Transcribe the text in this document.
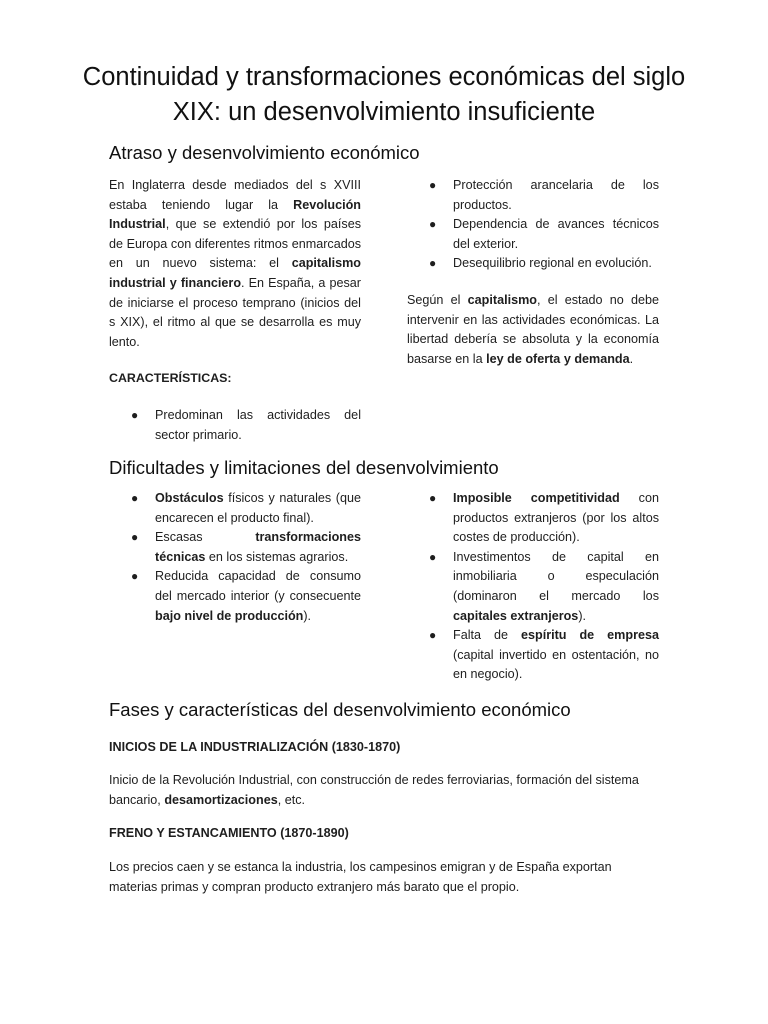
Continuidad y transformaciones económicas del siglo XIX: un desenvolvimiento insuficiente
Atraso y desenvolvimiento económico

En Inglaterra desde mediados del s XVIII estaba teniendo lugar la Revolución Industrial, que se extendió por los países de Europa con diferentes ritmos enmarcados en un nuevo sistema: el capitalismo industrial y financiero. En España, a pesar de iniciarse el proceso temprano (inicios del s XIX), el ritmo al que se desarrolla es muy lento.

CARACTERÍSTICAS:

● Predominan las actividades del sector primario.
● Protección arancelaria de los productos.
● Dependencia de avances técnicos del exterior.
● Desequilibrio regional en evolución.

Según el capitalismo, el estado no debe intervenir en las actividades económicas. La libertad debería se absoluta y la economía basarse en la ley de oferta y demanda.

Dificultades y limitaciones del desenvolvimiento
● Obstáculos físicos y naturales (que encarecen el producto final).
● Escasas transformaciones técnicas en los sistemas agrarios.
● Reducida capacidad de consumo del mercado interior (y consecuente bajo nivel de producción).
● Imposible competitividad con productos extranjeros (por los altos costes de producción).
● Investimentos de capital en inmobiliaria o especulación (dominaron el mercado los capitales extranjeros).
● Falta de espíritu de empresa (capital invertido en ostentación, no en negocio).
Fases y características del desenvolvimiento económico

INICIOS DE LA INDUSTRIALIZACIÓN (1830-1870)

Inicio de la Revolución Industrial, con construcción de redes ferroviarias, formación del sistema bancario, desamortizaciones, etc.

FRENO Y ESTANCAMIENTO (1870-1890)

Los precios caen y se estanca la industria, los campesinos emigran y de España exportan materias primas y compran producto extranjero más barato que el propio.
